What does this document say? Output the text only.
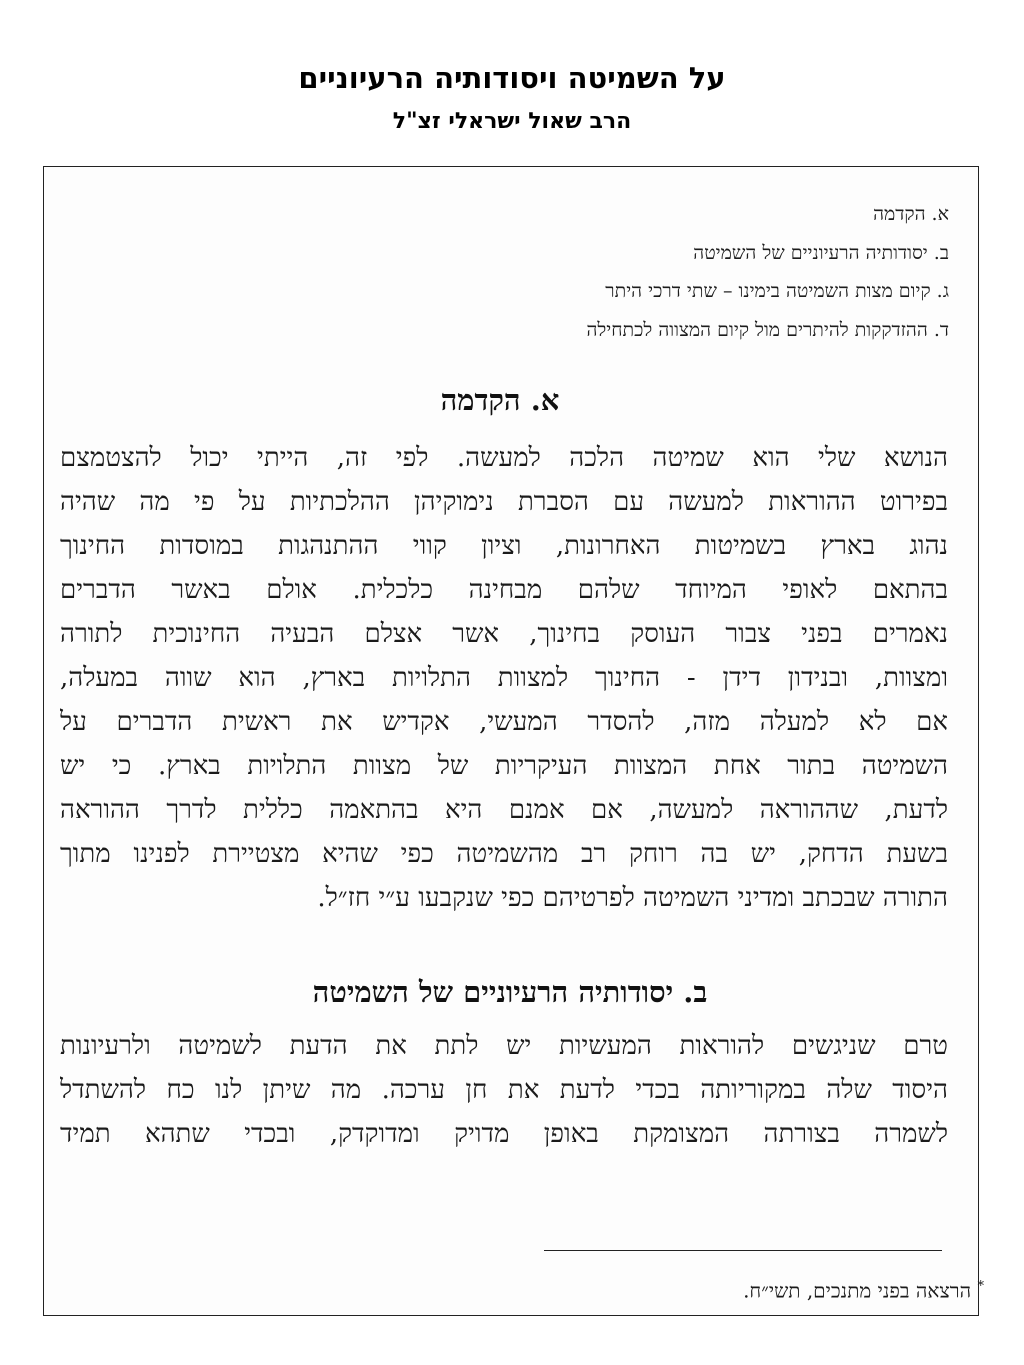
על השמיטה ויסודותיה הרעיוניים
הרב שאול ישראלי זצ"ל
א. הקדמה
ב. יסודותיה הרעיוניים של השמיטה
ג. קיום מצות השמיטה בימינו – שתי דרכי היתר
ד. ההזדקקות להיתרים מול קיום המצווה לכתחילה
א. הקדמה
הנושא שלי הוא שמיטה הלכה למעשה. לפי זה, הייתי יכול להצטמצם
בפירוט ההוראות למעשה עם הסברת נימוקיהן ההלכתיות על פי מה שהיה
נהוג בארץ בשמיטות האחרונות, וציון קווי ההתנהגות במוסדות החינוך
בהתאם לאופי המיוחד שלהם מבחינה כלכלית. אולם באשר הדברים
נאמרים בפני צבור העוסק בחינוך, אשר אצלם הבעיה החינוכית לתורה
ומצוות, ובנידון דידן - החינוך למצוות התלויות בארץ, הוא שווה במעלה,
אם לא למעלה מזה, להסדר המעשי, אקדיש את ראשית הדברים על
השמיטה בתור אחת המצוות העיקריות של מצוות התלויות בארץ. כי יש
לדעת, שההוראה למעשה, אם אמנם היא בהתאמה כללית לדרך ההוראה
בשעת הדחק, יש בה רוחק רב מהשמיטה כפי שהיא מצטיירת לפנינו מתוך
התורה שבכתב ומדיני השמיטה לפרטיהם כפי שנקבעו ע״י חז״ל.
ב. יסודותיה הרעיוניים של השמיטה
טרם שניגשים להוראות המעשיות יש לתת את הדעת לשמיטה ולרעיונות
היסוד שלה במקוריותה בכדי לדעת את חן ערכה. מה שיתן לנו כח להשתדל
לשמרה בצורתה המצומקת באופן מדויק ומדוקדק, ובכדי שתהא תמיד
* הרצאה בפני מתנכים, תשי״ח.
